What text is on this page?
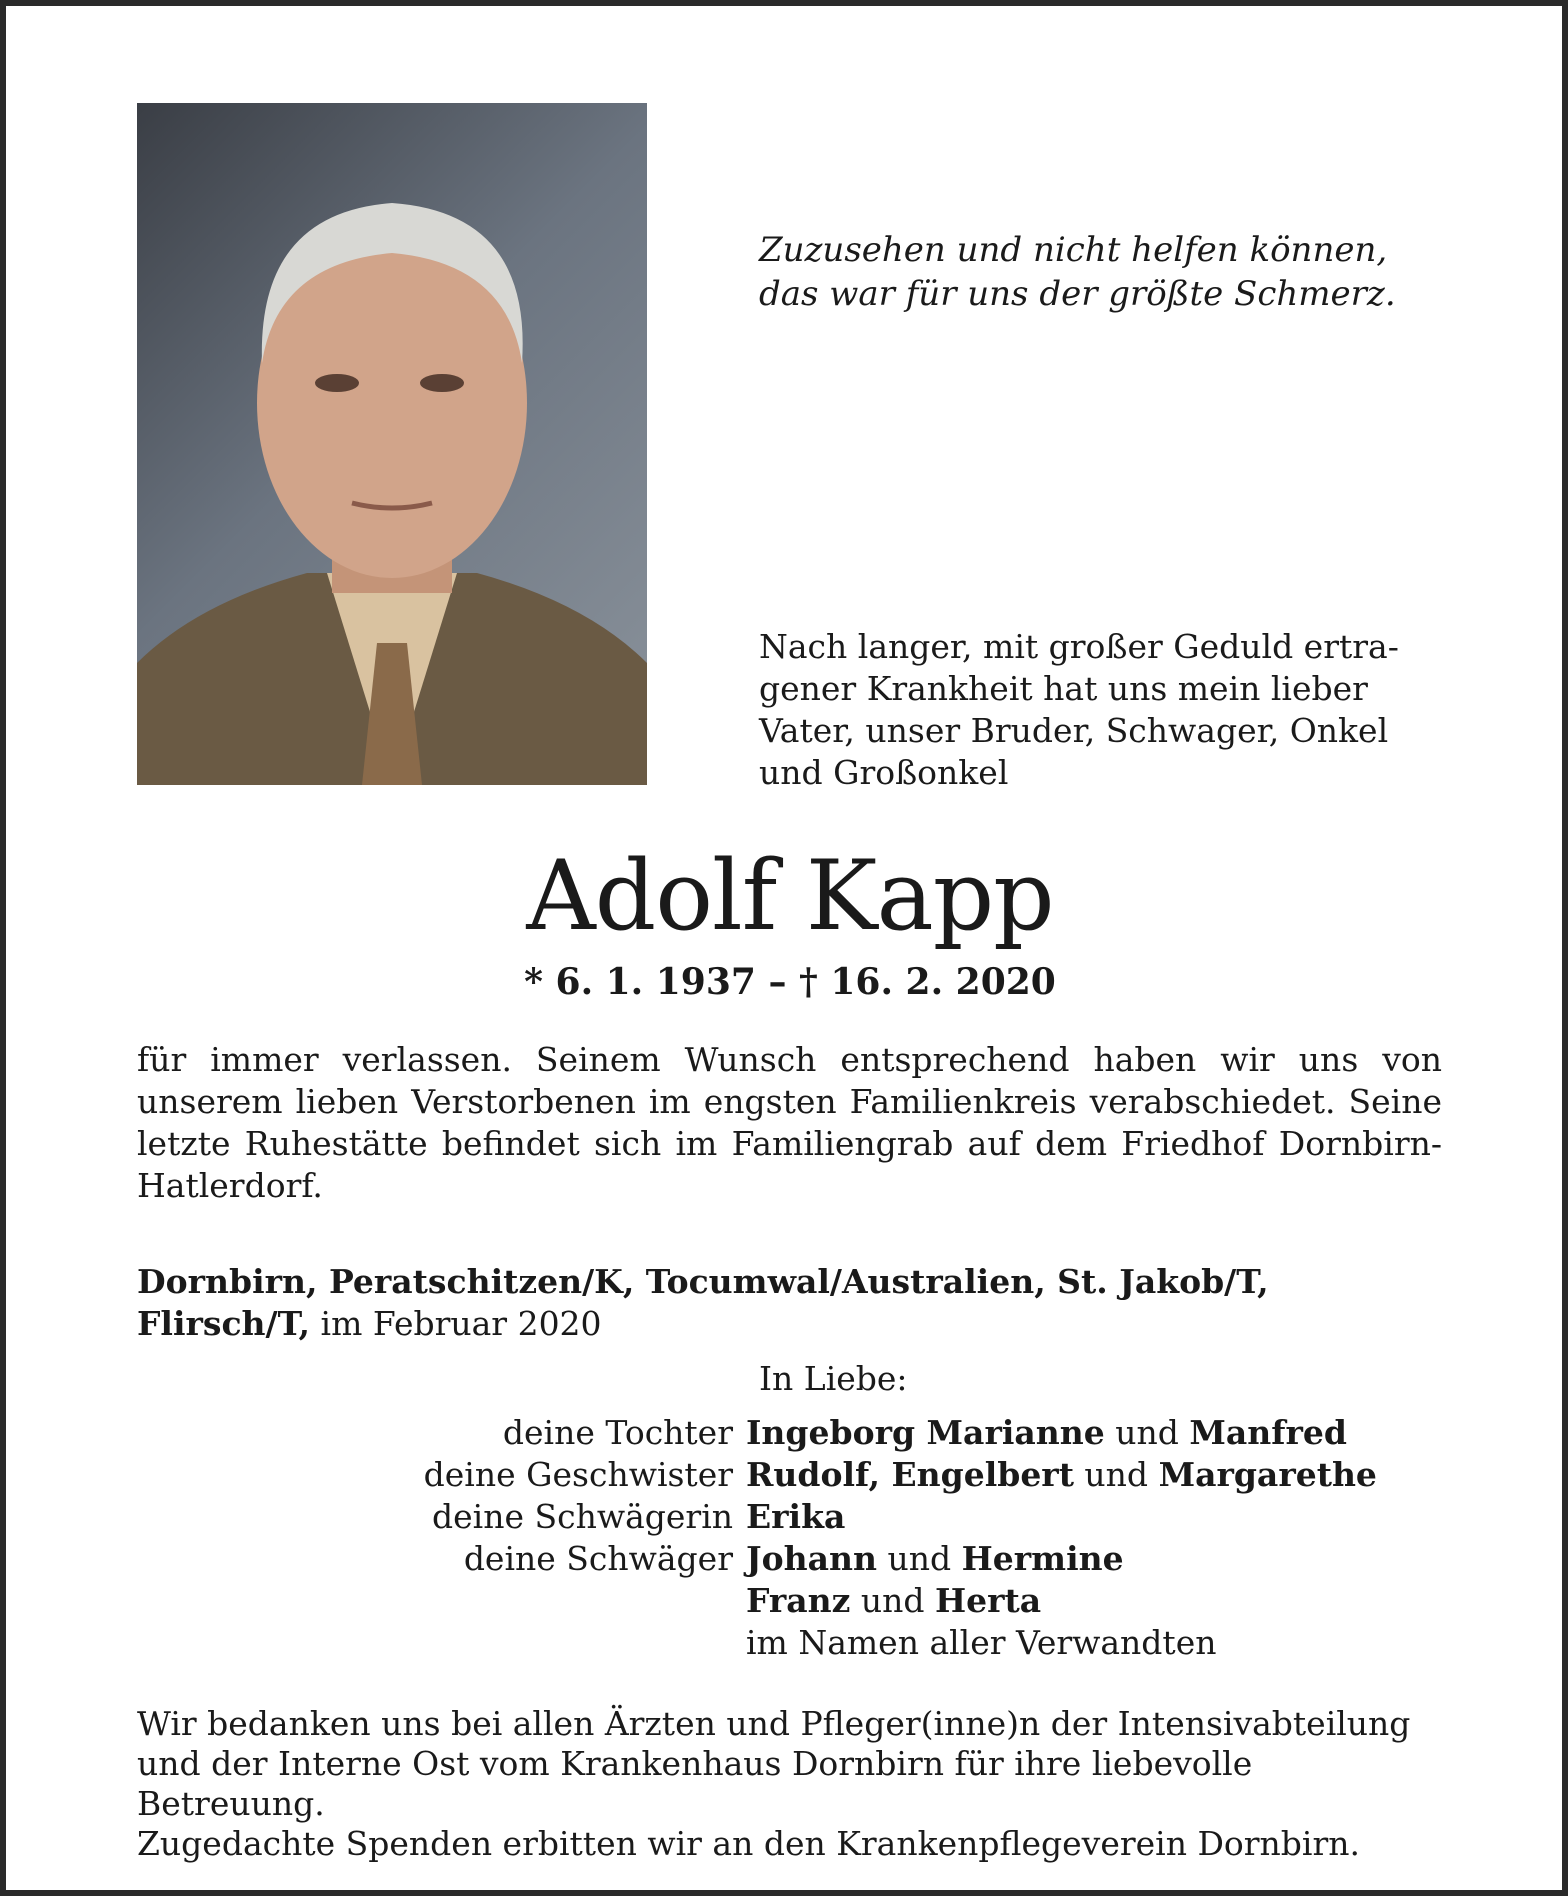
Zuzusehen und nicht helfen können,
das war für uns der größte Schmerz.
Nach langer, mit großer Geduld ertra-
gener Krankheit hat uns mein lieber
Vater, unser Bruder, Schwager, Onkel
und Großonkel
Adolf Kapp
* 6. 1. 1937 – † 16. 2. 2020
für immer verlassen. Seinem Wunsch entsprechend haben wir uns von unserem lieben Verstorbenen im engsten Familienkreis verabschiedet. Seine letzte Ruhestätte befindet sich im Familiengrab auf dem Friedhof Dornbirn-Hatlerdorf.
Dornbirn, Peratschitzen/K, Tocumwal/Australien, St. Jakob/T,
Flirsch/T, im Februar 2020
In Liebe:
deine Tochter Ingeborg Marianne und Manfred
deine Geschwister Rudolf, Engelbert und Margarethe
deine Schwägerin Erika
deine Schwäger Johann und Hermine
Franz und Herta
im Namen aller Verwandten
Wir bedanken uns bei allen Ärzten und Pfleger(inne)n der Intensivabteilung
und der Interne Ost vom Krankenhaus Dornbirn für ihre liebevolle Betreuung.
Zugedachte Spenden erbitten wir an den Krankenpflegeverein Dornbirn.
